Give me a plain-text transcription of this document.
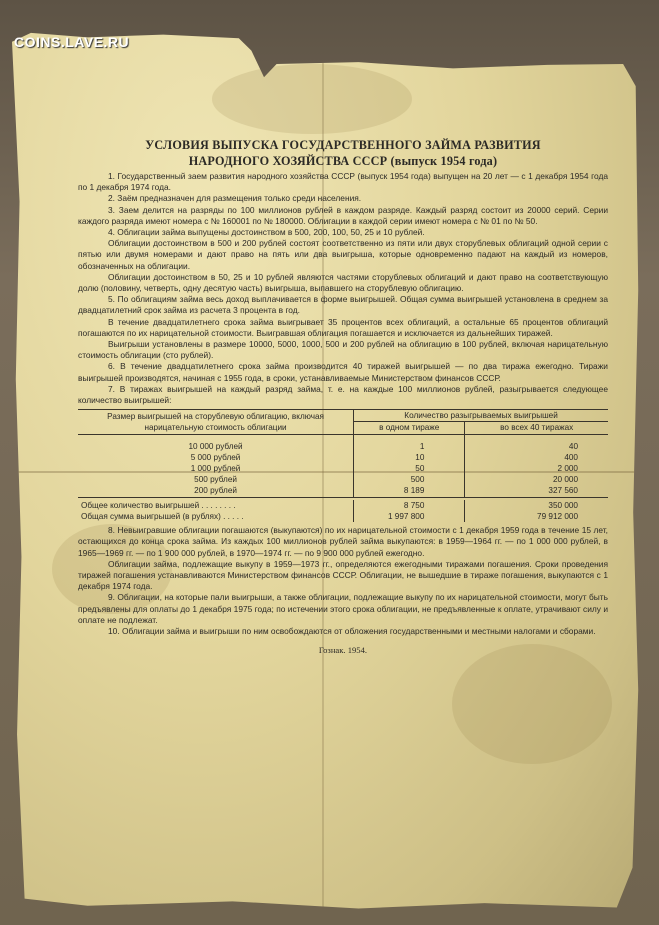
COINS.LAVE.RU
УСЛОВИЯ ВЫПУСКА ГОСУДАРСТВЕННОГО ЗАЙМА РАЗВИТИЯ
НАРОДНОГО ХОЗЯЙСТВА СССР (выпуск 1954 года)

1. Государственный заем развития народного хозяйства СССР (выпуск 1954 года) выпущен на 20 лет — с 1 декабря 1954 года по 1 декабря 1974 года.

2. Заём предназначен для размещения только среди населения.

3. Заем делится на разряды по 100 миллионов рублей в каждом разряде. Каждый разряд состоит из 20000 серий. Серии каждого разряда имеют номера с № 160001 по № 180000. Облигации в каждой серии имеют номера с № 01 по № 50.

4. Облигации займа выпущены достоинством в 500, 200, 100, 50, 25 и 10 рублей.

Облигации достоинством в 500 и 200 рублей состоят соответственно из пяти или двух сторублевых облигаций одной серии с пятью или двумя номерами и дают право на пять или два выигрыша, которые одновременно падают на каждый из номеров, обозначенных на облигации.

Облигации достоинством в 50, 25 и 10 рублей являются частями сторублевых облигаций и дают право на соответствующую долю (половину, четверть, одну десятую часть) выигрыша, выпавшего на сторублевую облигацию.

5. По облигациям займа весь доход выплачивается в форме выигрышей. Общая сумма выигрышей установлена в среднем за двадцатилетний срок займа из расчета 3 процента в год.

В течение двадцатилетнего срока займа выигрывает 35 процентов всех облигаций, а остальные 65 процентов облигаций погашаются по их нарицательной стоимости. Выигравшая облигация погашается и исключается из дальнейших тиражей.

Выигрыши установлены в размере 10000, 5000, 1000, 500 и 200 рублей на облигацию в 100 рублей, включая нарицательную стоимость облигации (сто рублей).

6. В течение двадцатилетнего срока займа производится 40 тиражей выигрышей — по два тиража ежегодно. Тиражи выигрышей производятся, начиная с 1955 года, в сроки, устанавливаемые Министерством финансов СССР.

7. В тиражах выигрышей на каждый разряд займа, т. е. на каждые 100 миллионов рублей, разыгрывается следующее количество выигрышей:

Размер выигрышей на сторублевую облигацию, включая нарицательную стоимость облигации	Количество разыгрываемых выигрышей	
	в одном тираже	во всех 40 тиражах

10 000 рублей	1	40
5 000 рублей	10	400
1 000 рублей	50	2 000
500 рублей	500	20 000
200 рублей	8 189	327 560

Общее количество выигрышей . . . . . . . .	8 750	350 000
Общая сумма выигрышей (в рублях) . . . . .	1 997 800	79 912 000

8. Невыигравшие облигации погашаются (выкупаются) по их нарицательной стоимости с 1 декабря 1959 года в течение 15 лет, остающихся до конца срока займа. Из каждых 100 миллионов рублей займа выкупаются: в 1959—1964 гг. — по 1 000 000 рублей, в 1965—1969 гг. — по 1 900 000 рублей, в 1970—1974 гг. — по 9 900 000 рублей ежегодно.

Облигации займа, подлежащие выкупу в 1959—1973 гг., определяются ежегодными тиражами погашения. Сроки проведения тиражей погашения устанавливаются Министерством финансов СССР. Облигации, не вышедшие в тираже погашения, выкупаются с 1 декабря 1974 года.

9. Облигации, на которые пали выигрыши, а также облигации, подлежащие выкупу по их нарицательной стоимости, могут быть предъявлены для оплаты до 1 декабря 1975 года; по истечении этого срока облигации, не предъявленные к оплате, утрачивают силу и оплате не подлежат.

10. Облигации займа и выигрыши по ним освобождаются от обложения государственными и местными налогами и сборами.

Гознак. 1954.
